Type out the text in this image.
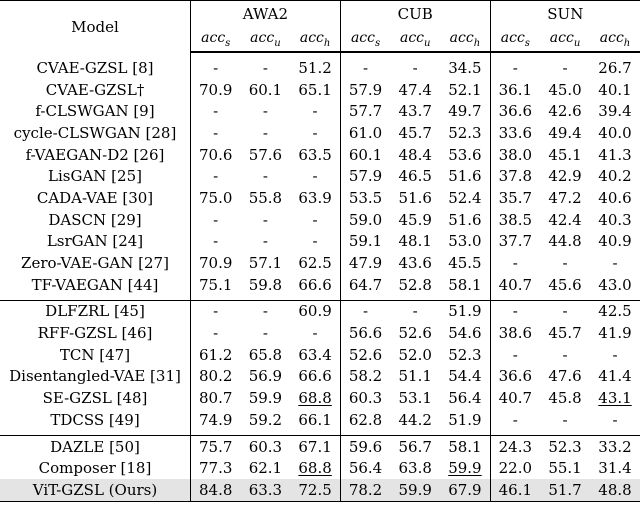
Model	AWA2			CUB			SUN		
	acc$_s$	acc$_u$	acc$_h$	acc$_s$	acc$_u$	acc$_h$	acc$_s$	acc$_u$	acc$_h$

CVAE-GZSL [8]	-	-	51.2	-	-	34.5	-	-	26.7
CVAE-GZSL†	70.9	60.1	65.1	57.9	47.4	52.1	36.1	45.0	40.1
f-CLSWGAN [9]	-	-	-	57.7	43.7	49.7	36.6	42.6	39.4
cycle-CLSWGAN [28]	-	-	-	61.0	45.7	52.3	33.6	49.4	40.0
f-VAEGAN-D2 [26]	70.6	57.6	63.5	60.1	48.4	53.6	38.0	45.1	41.3
LisGAN [25]	-	-	-	57.9	46.5	51.6	37.8	42.9	40.2
CADA-VAE [30]	75.0	55.8	63.9	53.5	51.6	52.4	35.7	47.2	40.6
DASCN [29]	-	-	-	59.0	45.9	51.6	38.5	42.4	40.3
LsrGAN [24]	-	-	-	59.1	48.1	53.0	37.7	44.8	40.9
Zero-VAE-GAN [27]	70.9	57.1	62.5	47.9	43.6	45.5	-	-	-
TF-VAEGAN [44]	75.1	59.8	66.6	64.7	52.8	58.1	40.7	45.6	43.0

DLFZRL [45]	-	-	60.9	-	-	51.9	-	-	42.5
RFF-GZSL [46]	-	-	-	56.6	52.6	54.6	38.6	45.7	41.9
TCN [47]	61.2	65.8	63.4	52.6	52.0	52.3	-	-	-
Disentangled-VAE [31]	80.2	56.9	66.6	58.2	51.1	54.4	36.6	47.6	41.4
SE-GZSL [48]	80.7	59.9	68.8	60.3	53.1	56.4	40.7	45.8	43.1
TDCSS [49]	74.9	59.2	66.1	62.8	44.2	51.9	-	-	-

DAZLE [50]	75.7	60.3	67.1	59.6	56.7	58.1	24.3	52.3	33.2
Composer [18]	77.3	62.1	68.8	56.4	63.8	59.9	22.0	55.1	31.4
ViT-GZSL (Ours)	84.8	63.3	72.5	78.2	59.9	67.9	46.1	51.7	48.8
